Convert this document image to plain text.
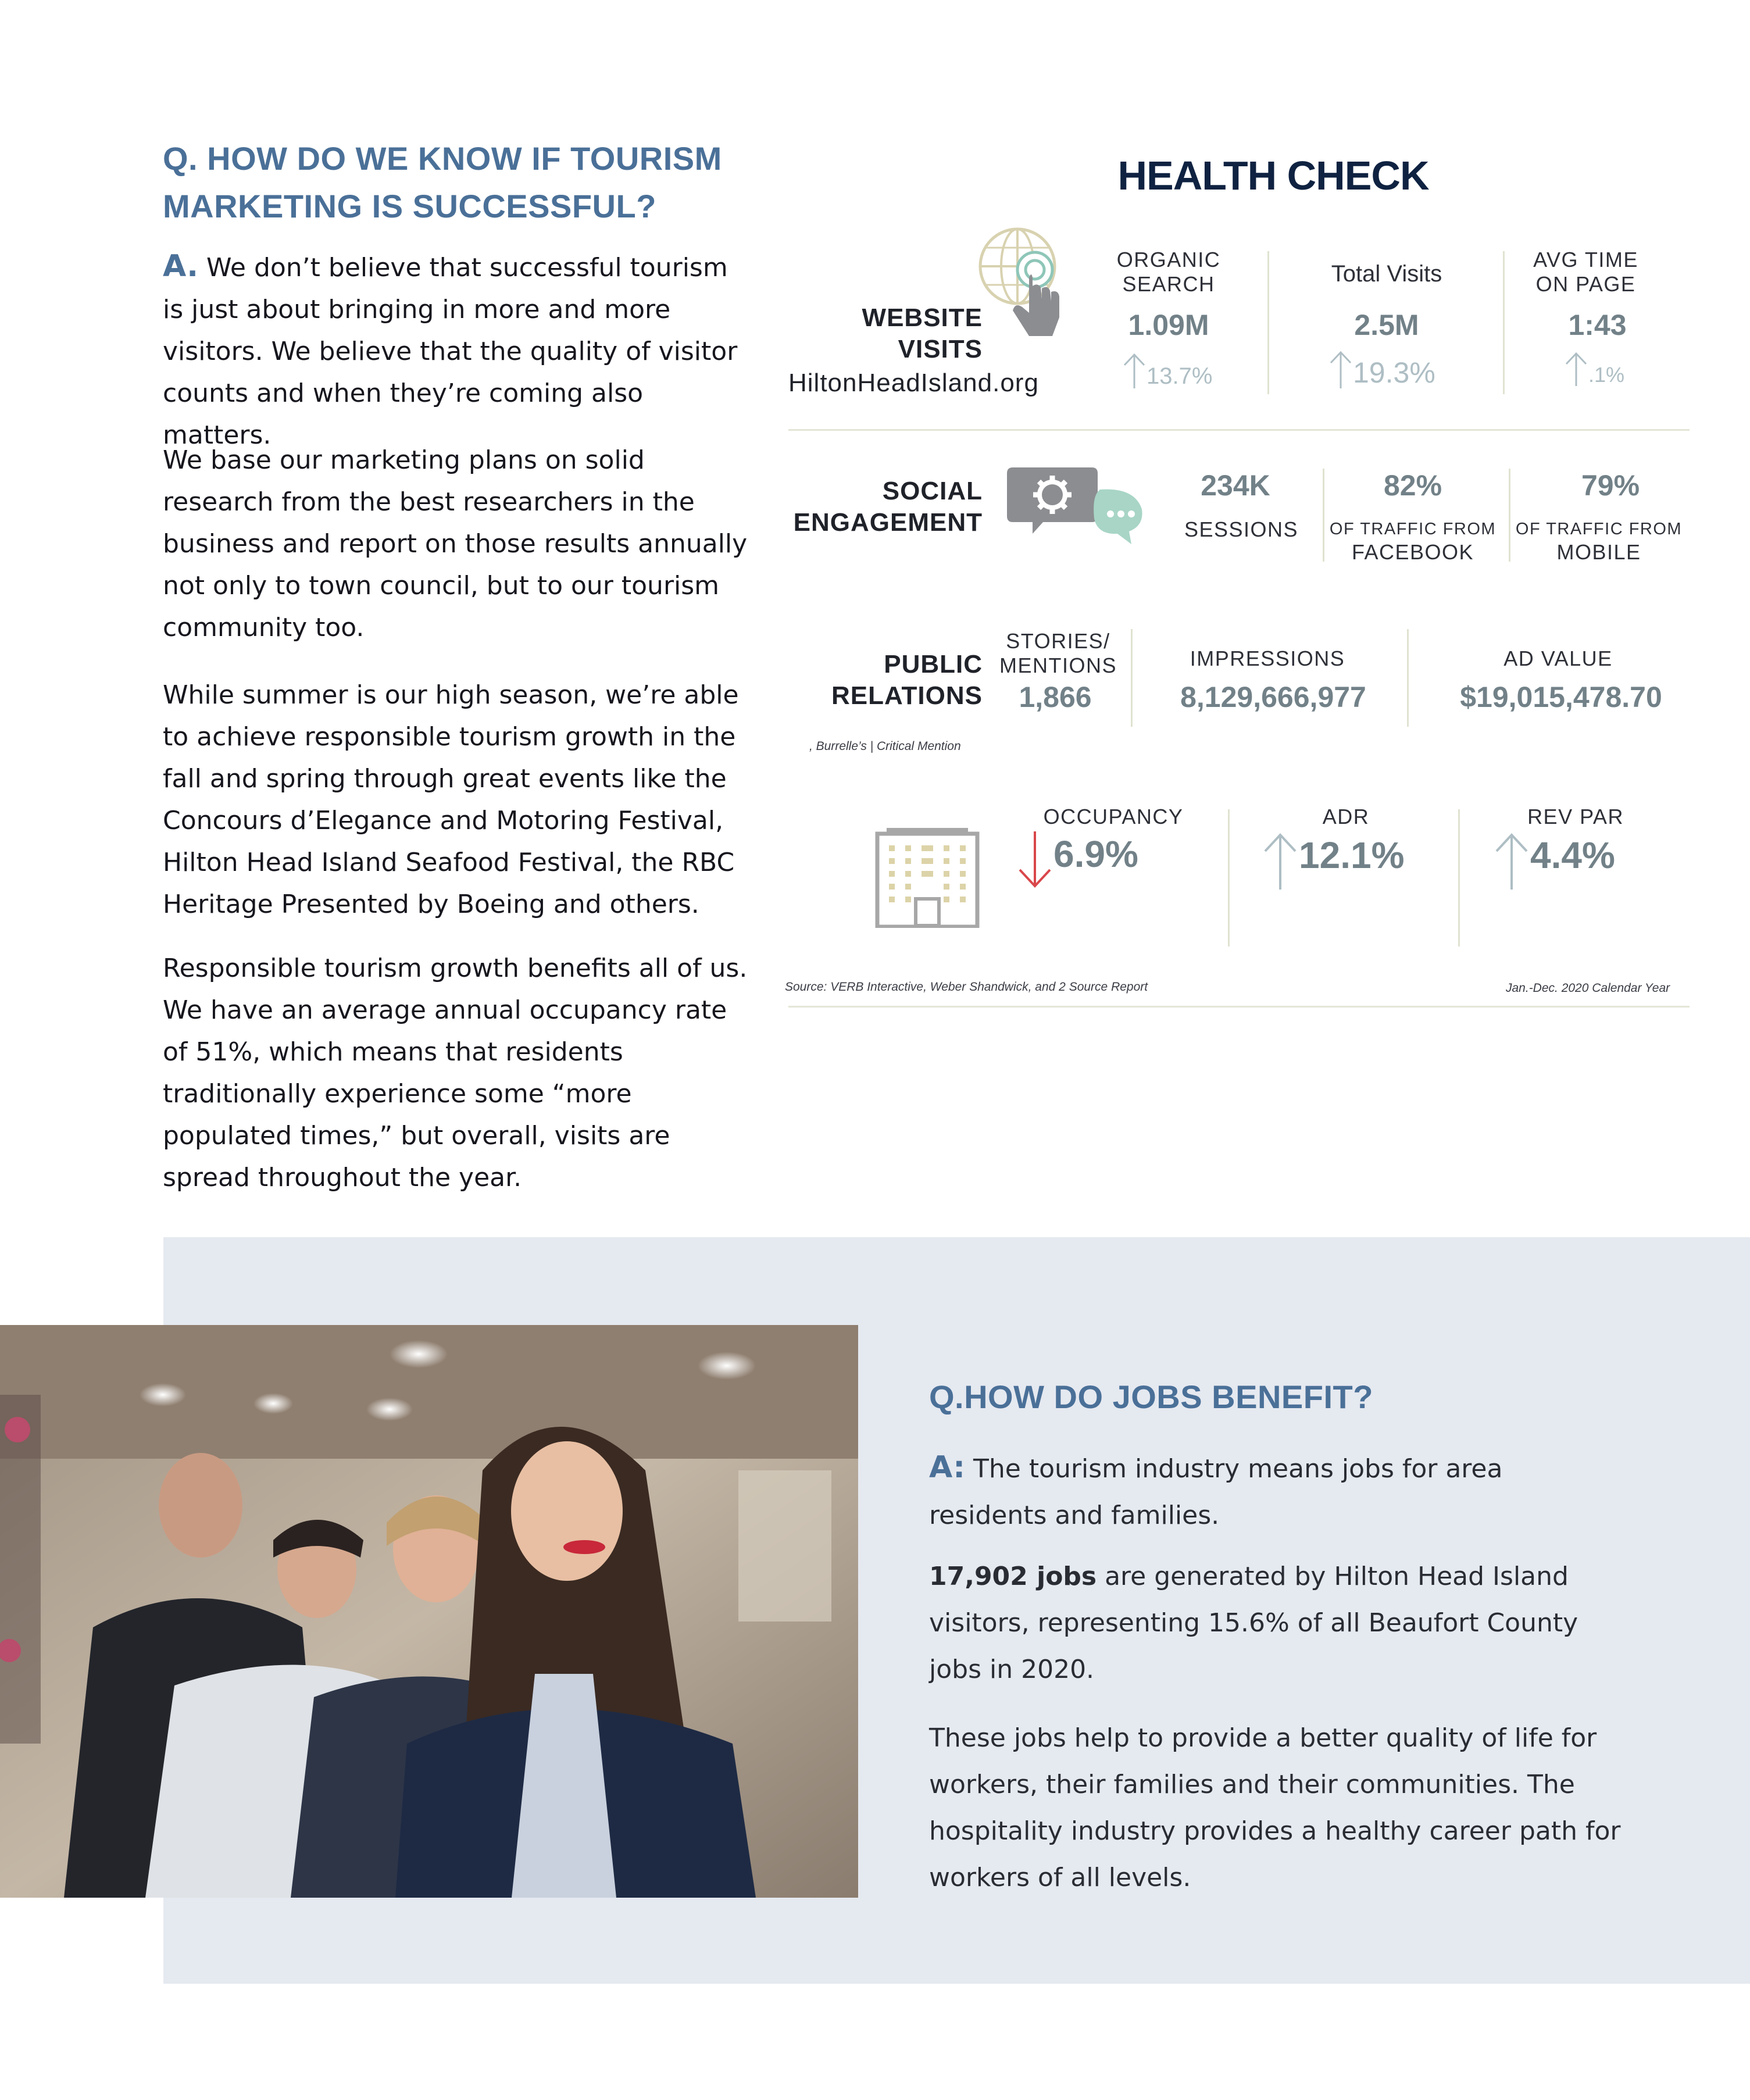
Q. HOW DO WE KNOW IF TOURISM
MARKETING IS SUCCESSFUL?
A. We don’t believe that successful tourism is just about bringing in more and more visitors. We believe that the quality of visitor counts and when they’re coming also matters.
We base our marketing plans on solid research from the best researchers in the business and report on those results annually not only to town council, but to our tourism community too.
While summer is our high season, we’re able to achieve responsible tourism growth in the fall and spring through great events like the Concours d’Elegance and Motoring Festival, Hilton Head Island Seafood Festival, the RBC Heritage Presented by Boeing and others.
Responsible tourism growth benefits all of us. We have an average annual occupancy rate of 51%, which means that residents traditionally experience some “more populated times,” but overall, visits are spread throughout the year.
HEALTH CHECK
WEBSITE
VISITS
HiltonHeadIsland.org
ORGANIC
SEARCH
1.09M
13.7%
Total Visits
2.5M
19.3%
AVG TIME
ON PAGE
1:43
.1%
SOCIAL
ENGAGEMENT
234K
SESSIONS
82%
OF TRAFFIC FROM
FACEBOOK
79%
OF TRAFFIC FROM
MOBILE
PUBLIC
RELATIONS
STORIES/
MENTIONS
1,866
IMPRESSIONS
8,129,666,977
AD VALUE
$19,015,478.70
, Burrelle’s | Critical Mention
OCCUPANCY
6.9%
ADR
12.1%
REV PAR
4.4%
Source: VERB Interactive, Weber Shandwick, and 2 Source Report	Jan.-Dec. 2020 Calendar Year
Q.HOW DO JOBS BENEFIT?
A: The tourism industry means jobs for area residents and families.
17,902 jobs are generated by Hilton Head Island visitors, representing 15.6% of all Beaufort County jobs in 2020.
These jobs help to provide a better quality of life for workers, their families and their communities. The hospitality industry provides a healthy career path for workers of all levels.
